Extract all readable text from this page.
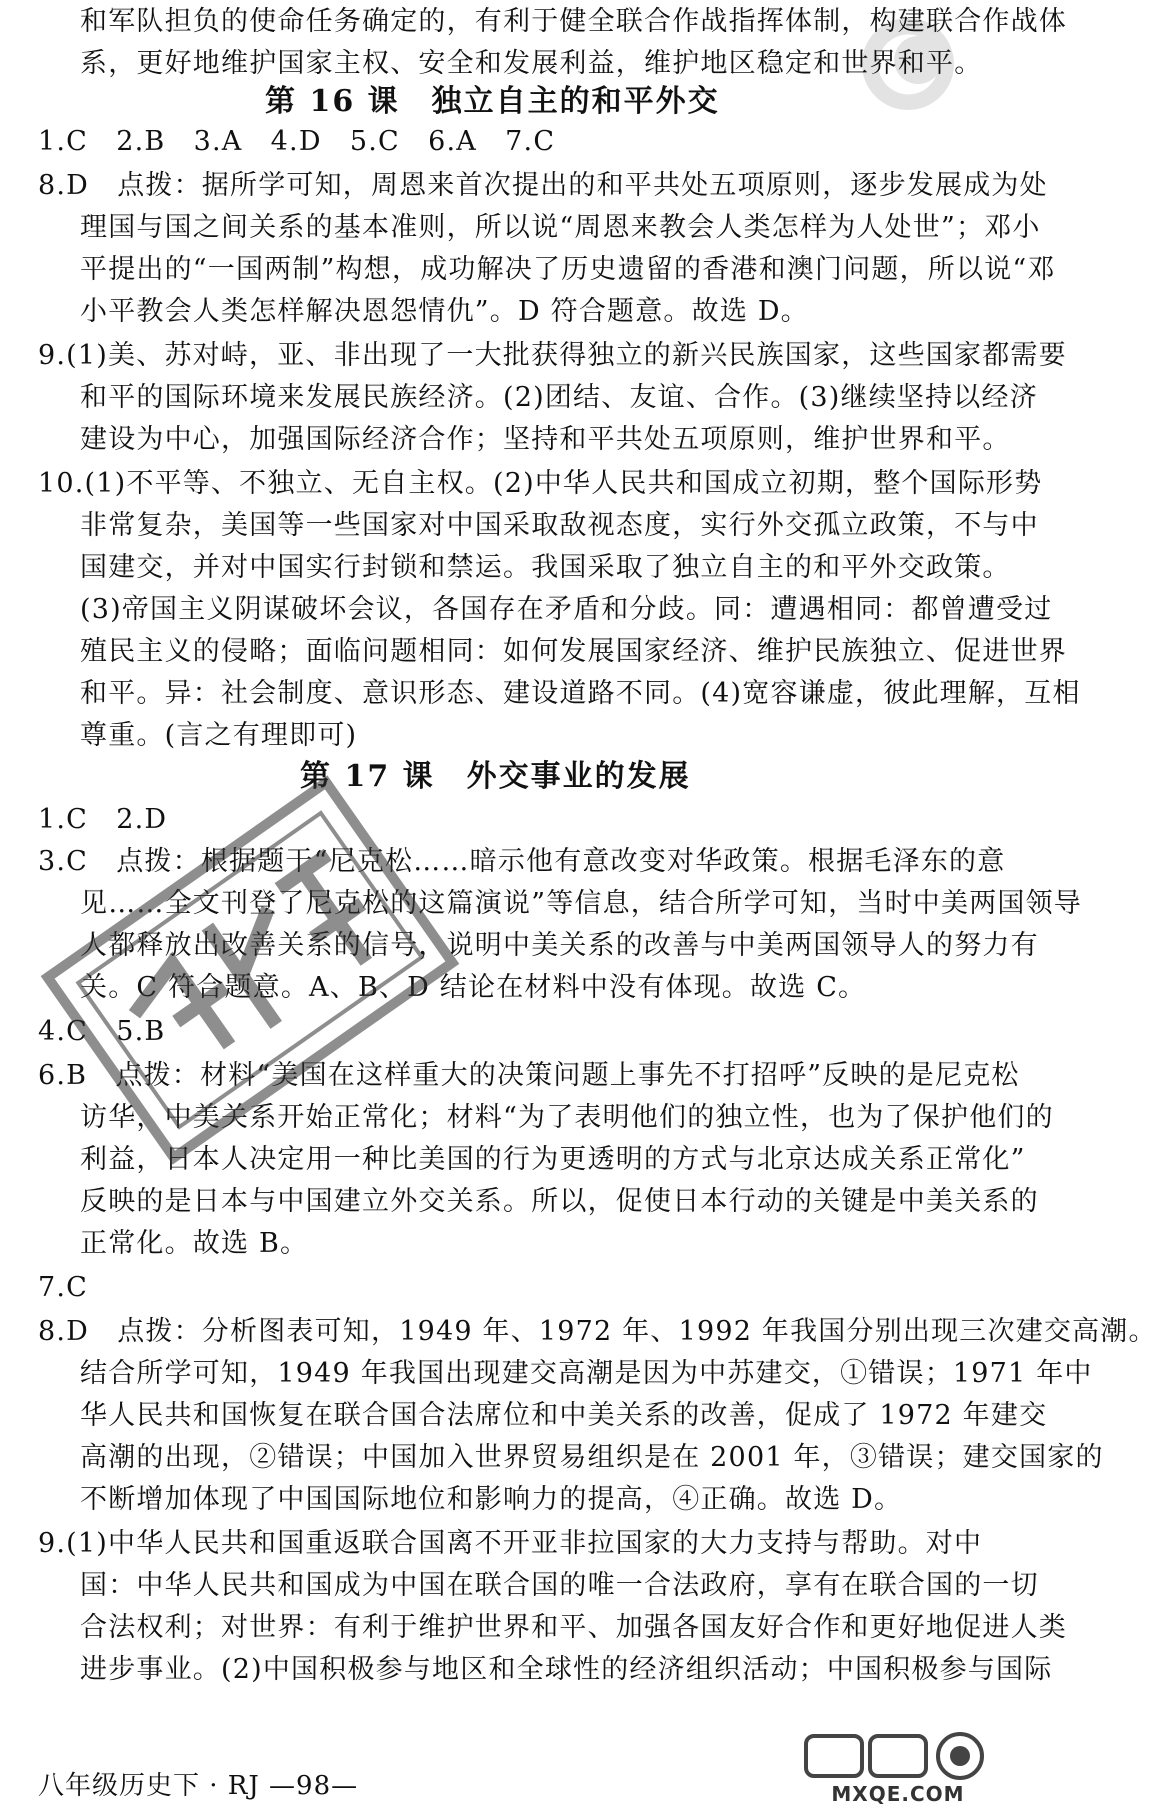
和军队担负的使命任务确定的，有利于健全联合作战指挥体制，构建联合作战体
系，更好地维护国家主权、安全和发展利益，维护地区稳定和世界和平。
第 16 课　独立自主的和平外交
1.C　2.B　3.A　4.D　5.C　6.A　7.C
8.D　点拨：据所学可知，周恩来首次提出的和平共处五项原则，逐步发展成为处
理国与国之间关系的基本准则，所以说“周恩来教会人类怎样为人处世”；邓小
平提出的“一国两制”构想，成功解决了历史遗留的香港和澳门问题，所以说“邓
小平教会人类怎样解决恩怨情仇”。D 符合题意。故选 D。
9.(1)美、苏对峙，亚、非出现了一大批获得独立的新兴民族国家，这些国家都需要
和平的国际环境来发展民族经济。(2)团结、友谊、合作。(3)继续坚持以经济
建设为中心，加强国际经济合作；坚持和平共处五项原则，维护世界和平。
10.(1)不平等、不独立、无自主权。(2)中华人民共和国成立初期，整个国际形势
非常复杂，美国等一些国家对中国采取敌视态度，实行外交孤立政策，不与中
国建交，并对中国实行封锁和禁运。我国采取了独立自主的和平外交政策。
(3)帝国主义阴谋破坏会议，各国存在矛盾和分歧。同：遭遇相同：都曾遭受过
殖民主义的侵略；面临问题相同：如何发展国家经济、维护民族独立、促进世界
和平。异：社会制度、意识形态、建设道路不同。(4)宽容谦虚，彼此理解，互相
尊重。(言之有理即可)
第 17 课　外交事业的发展
1.C　2.D
3.C　点拨：根据题干“尼克松……暗示他有意改变对华政策。根据毛泽东的意
见……全文刊登了尼克松的这篇演说”等信息，结合所学可知，当时中美两国领导
人都释放出改善关系的信号，说明中美关系的改善与中美两国领导人的努力有
关。C 符合题意。A、B、D 结论在材料中没有体现。故选 C。
4.C　5.B
6.B　点拨：材料“美国在这样重大的决策问题上事先不打招呼”反映的是尼克松
访华，中美关系开始正常化；材料“为了表明他们的独立性，也为了保护他们的
利益，日本人决定用一种比美国的行为更透明的方式与北京达成关系正常化”
反映的是日本与中国建立外交关系。所以，促使日本行动的关键是中美关系的
正常化。故选 B。
7.C
8.D　点拨：分析图表可知，1949 年、1972 年、1992 年我国分别出现三次建交高潮。
结合所学可知，1949 年我国出现建交高潮是因为中苏建交，①错误；1971 年中
华人民共和国恢复在联合国合法席位和中美关系的改善，促成了 1972 年建交
高潮的出现，②错误；中国加入世界贸易组织是在 2001 年，③错误；建交国家的
不断增加体现了中国国际地位和影响力的提高，④正确。故选 D。
9.(1)中华人民共和国重返联合国离不开亚非拉国家的大力支持与帮助。对中
国：中华人民共和国成为中国在联合国的唯一合法政府，享有在联合国的一切
合法权利；对世界：有利于维护世界和平、加强各国友好合作和更好地促进人类
进步事业。(2)中国积极参与地区和全球性的经济组织活动；中国积极参与国际
八年级历史下 · RJ —98—	MXQE.COM
